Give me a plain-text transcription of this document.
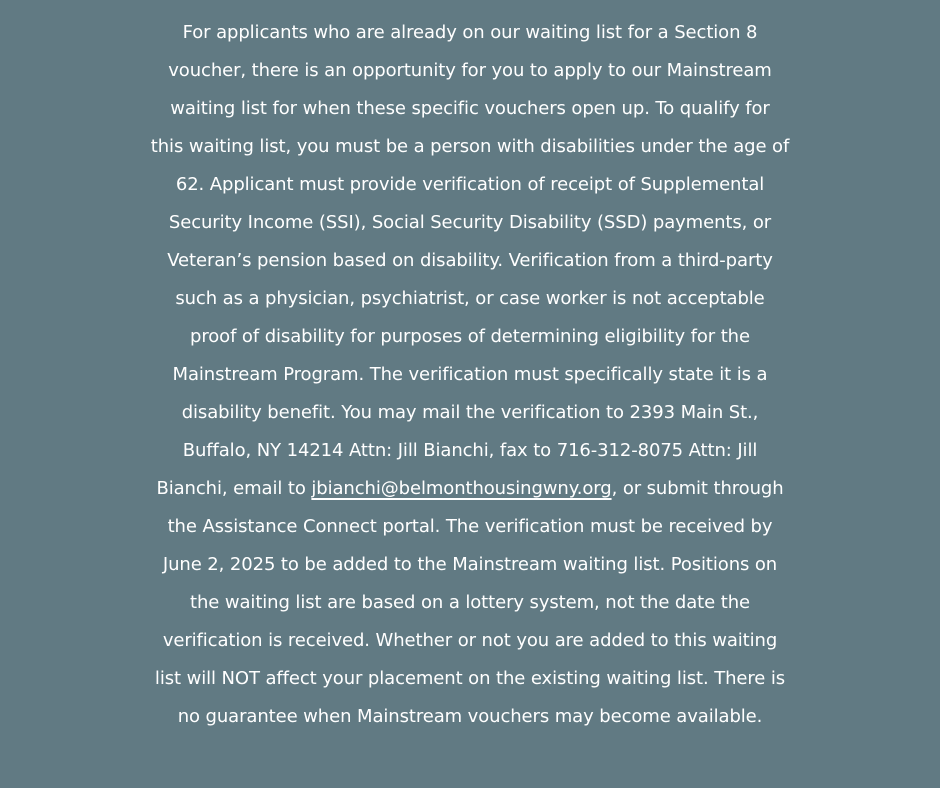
For applicants who are already on our waiting list for a Section 8
voucher, there is an opportunity for you to apply to our Mainstream
waiting list for when these specific vouchers open up. To qualify for
this waiting list, you must be a person with disabilities under the age of
62. Applicant must provide verification of receipt of Supplemental
Security Income (SSI), Social Security Disability (SSD) payments, or
Veteran’s pension based on disability. Verification from a third-party
such as a physician, psychiatrist, or case worker is not acceptable
proof of disability for purposes of determining eligibility for the
Mainstream Program. The verification must specifically state it is a
disability benefit. You may mail the verification to 2393 Main St.,
Buffalo, NY 14214 Attn: Jill Bianchi, fax to 716-312-8075 Attn: Jill
Bianchi, email to jbianchi@belmonthousingwny.org, or submit through
the Assistance Connect portal. The verification must be received by
June 2, 2025 to be added to the Mainstream waiting list. Positions on
the waiting list are based on a lottery system, not the date the
verification is received. Whether or not you are added to this waiting
list will NOT affect your placement on the existing waiting list. There is
no guarantee when Mainstream vouchers may become available.
